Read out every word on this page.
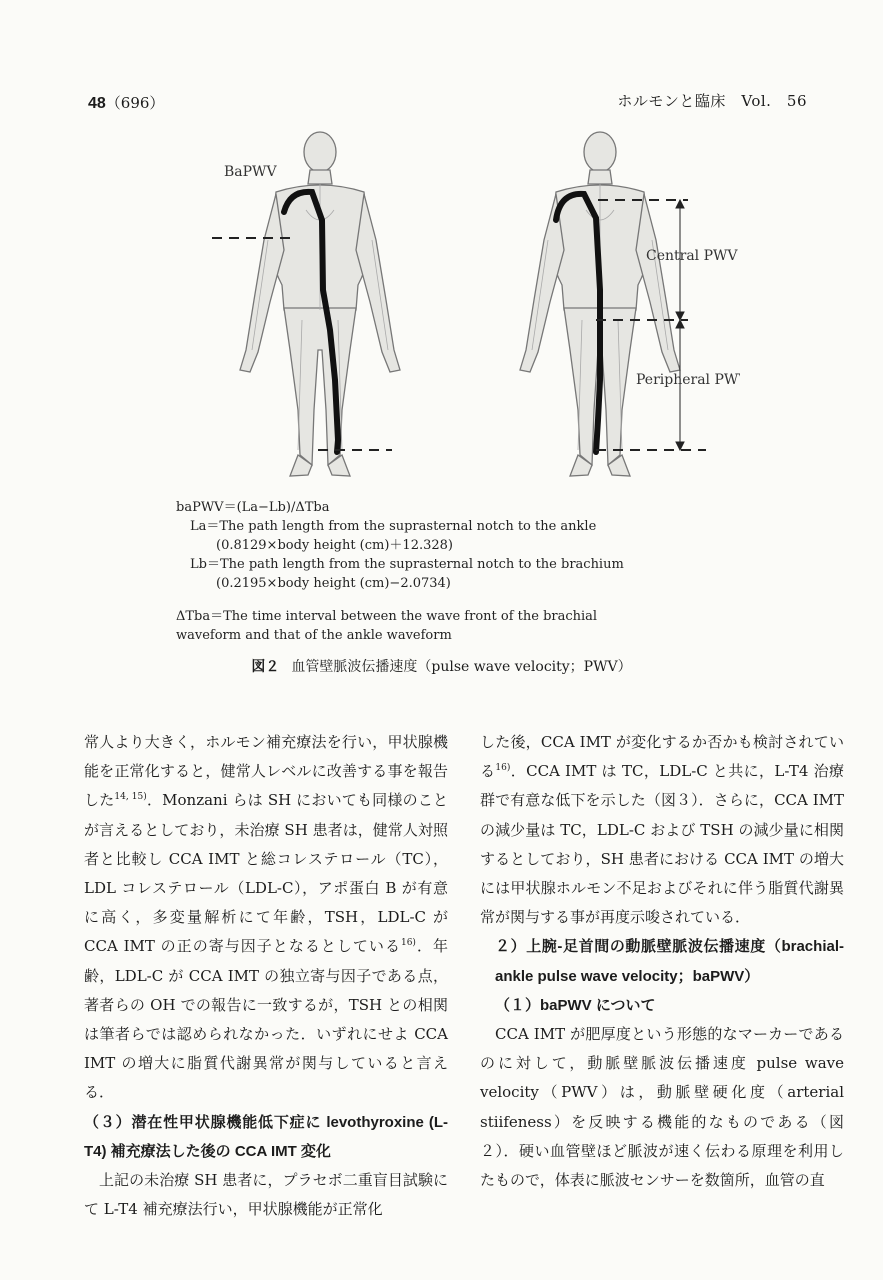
48（696）	ホルモンと臨床　Vol.　56
BaPWV
Central PWV
Peripheral PWV
baPWV＝(La−Lb)/ΔTba
La＝The path length from the suprasternal notch to the ankle
(0.8129×body height (cm)＋12.328)
Lb＝The path length from the suprasternal notch to the brachium
(0.2195×body height (cm)−2.0734)
ΔTba＝The time interval between the wave front of the brachial
waveform and that of the ankle waveform
図２ 血管壁脈波伝播速度（pulse wave velocity；PWV）

常人より大きく，ホルモン補充療法を行い，甲状腺機能を正常化すると，健常人レベルに改善する事を報告した$^{14, 15)}$．Monzani らは SH においても同様のことが言えるとしており，未治療 SH 患者は，健常人対照者と比較し CCA IMT と総コレステロール（TC），LDL コレステロール（LDL-C），アポ蛋白 B が有意に高く，多変量解析にて年齢，TSH，LDL-C が CCA IMT の正の寄与因子となるとしている$^{16)}$．年齢，LDL-C が CCA IMT の独立寄与因子である点，著者らの OH での報告に一致するが，TSH との相関は筆者らでは認められなかった．いずれにせよ CCA IMT の増大に脂質代謝異常が関与していると言える．

（３）潜在性甲状腺機能低下症に levothyroxine (L-T4) 補充療法した後の CCA IMT 変化

上記の未治療 SH 患者に，プラセボ二重盲目試験にて L-T4 補充療法行い，甲状腺機能が正常化

した後，CCA IMT が変化するか否かも検討されている$^{16)}$．CCA IMT は TC，LDL-C と共に，L-T4 治療群で有意な低下を示した（図３）．さらに，CCA IMT の減少量は TC，LDL-C および TSH の減少量に相関するとしており，SH 患者における CCA IMT の増大には甲状腺ホルモン不足およびそれに伴う脂質代謝異常が関与する事が再度示唆されている．

２）上腕-足首間の動脈壁脈波伝播速度（brachial-ankle pulse wave velocity；baPWV）

（１）baPWV について

CCA IMT が肥厚度という形態的なマーカーであるのに対して，動脈壁脈波伝播速度 pulse wave velocity（PWV）は，動脈壁硬化度（arterial stiifeness）を反映する機能的なものである（図２）．硬い血管壁ほど脈波が速く伝わる原理を利用したもので，体表に脈波センサーを数箇所，血管の直
